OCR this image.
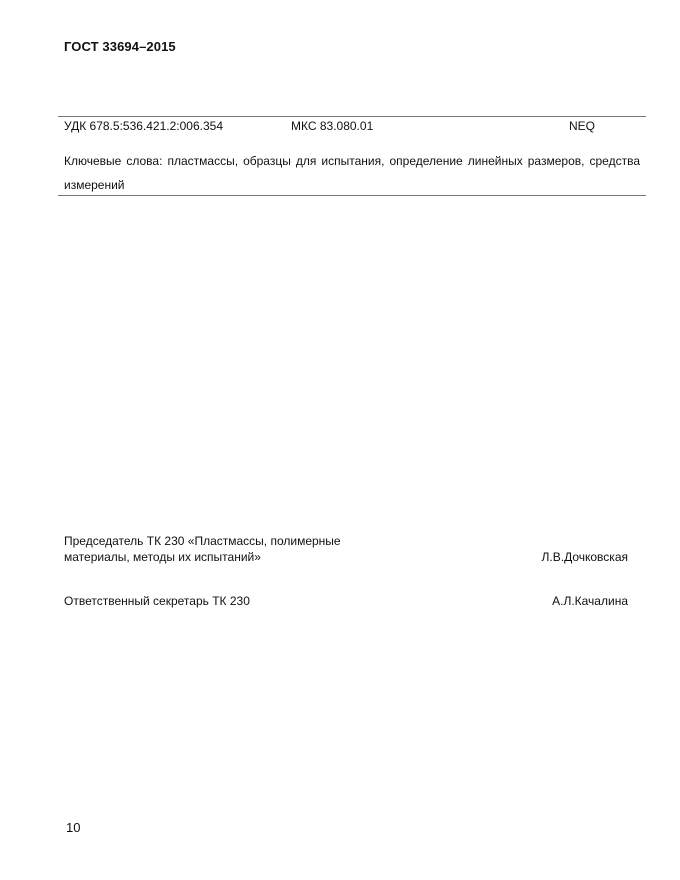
ГОСТ 33694–2015
УДК 678.5:536.421.2:006.354	МКС 83.080.01	NEQ
Ключевые слова: пластмассы, образцы для испытания, определение линейных размеров, средства измерений
Председатель ТК 230 «Пластмассы, полимерные
материалы, методы их испытаний»	Л.В.Дочковская
Ответственный секретарь ТК 230	А.Л.Качалина
10
